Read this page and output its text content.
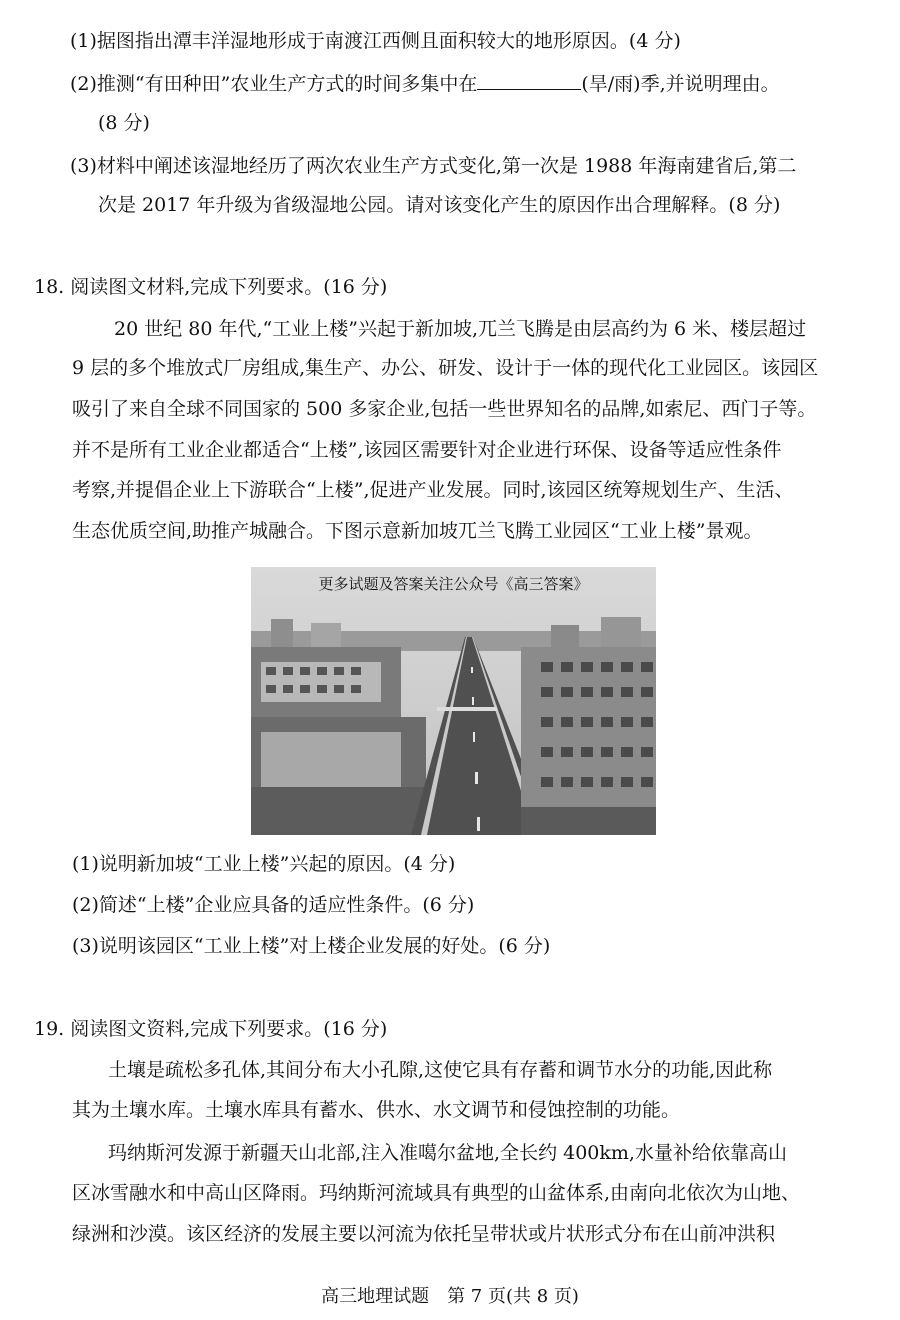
(1)据图指出潭丰洋湿地形成于南渡江西侧且面积较大的地形原因。(4 分)
(2)推测“有田种田”农业生产方式的时间多集中在	(旱/雨)季,并说明理由。
(8 分)
(3)材料中阐述该湿地经历了两次农业生产方式变化,第一次是 1988 年海南建省后,第二
次是 2017 年升级为省级湿地公园。请对该变化产生的原因作出合理解释。(8 分)
18. 阅读图文材料,完成下列要求。(16 分)
20 世纪 80 年代,“工业上楼”兴起于新加坡,兀兰飞腾是由层高约为 6 米、楼层超过
9 层的多个堆放式厂房组成,集生产、办公、研发、设计于一体的现代化工业园区。该园区
吸引了来自全球不同国家的 500 多家企业,包括一些世界知名的品牌,如索尼、西门子等。
并不是所有工业企业都适合“上楼”,该园区需要针对企业进行环保、设备等适应性条件
考察,并提倡企业上下游联合“上楼”,促进产业发展。同时,该园区统筹规划生产、生活、
生态优质空间,助推产城融合。下图示意新加坡兀兰飞腾工业园区“工业上楼”景观。
更多试题及答案关注公众号《高三答案》
(1)说明新加坡“工业上楼”兴起的原因。(4 分)
(2)简述“上楼”企业应具备的适应性条件。(6 分)
(3)说明该园区“工业上楼”对上楼企业发展的好处。(6 分)
19. 阅读图文资料,完成下列要求。(16 分)
土壤是疏松多孔体,其间分布大小孔隙,这使它具有存蓄和调节水分的功能,因此称
其为土壤水库。土壤水库具有蓄水、供水、水文调节和侵蚀控制的功能。
玛纳斯河发源于新疆天山北部,注入准噶尔盆地,全长约 400km,水量补给依靠高山
区冰雪融水和中高山区降雨。玛纳斯河流域具有典型的山盆体系,由南向北依次为山地、
绿洲和沙漠。该区经济的发展主要以河流为依托呈带状或片状形式分布在山前冲洪积
高三地理试题　第 7 页(共 8 页)
